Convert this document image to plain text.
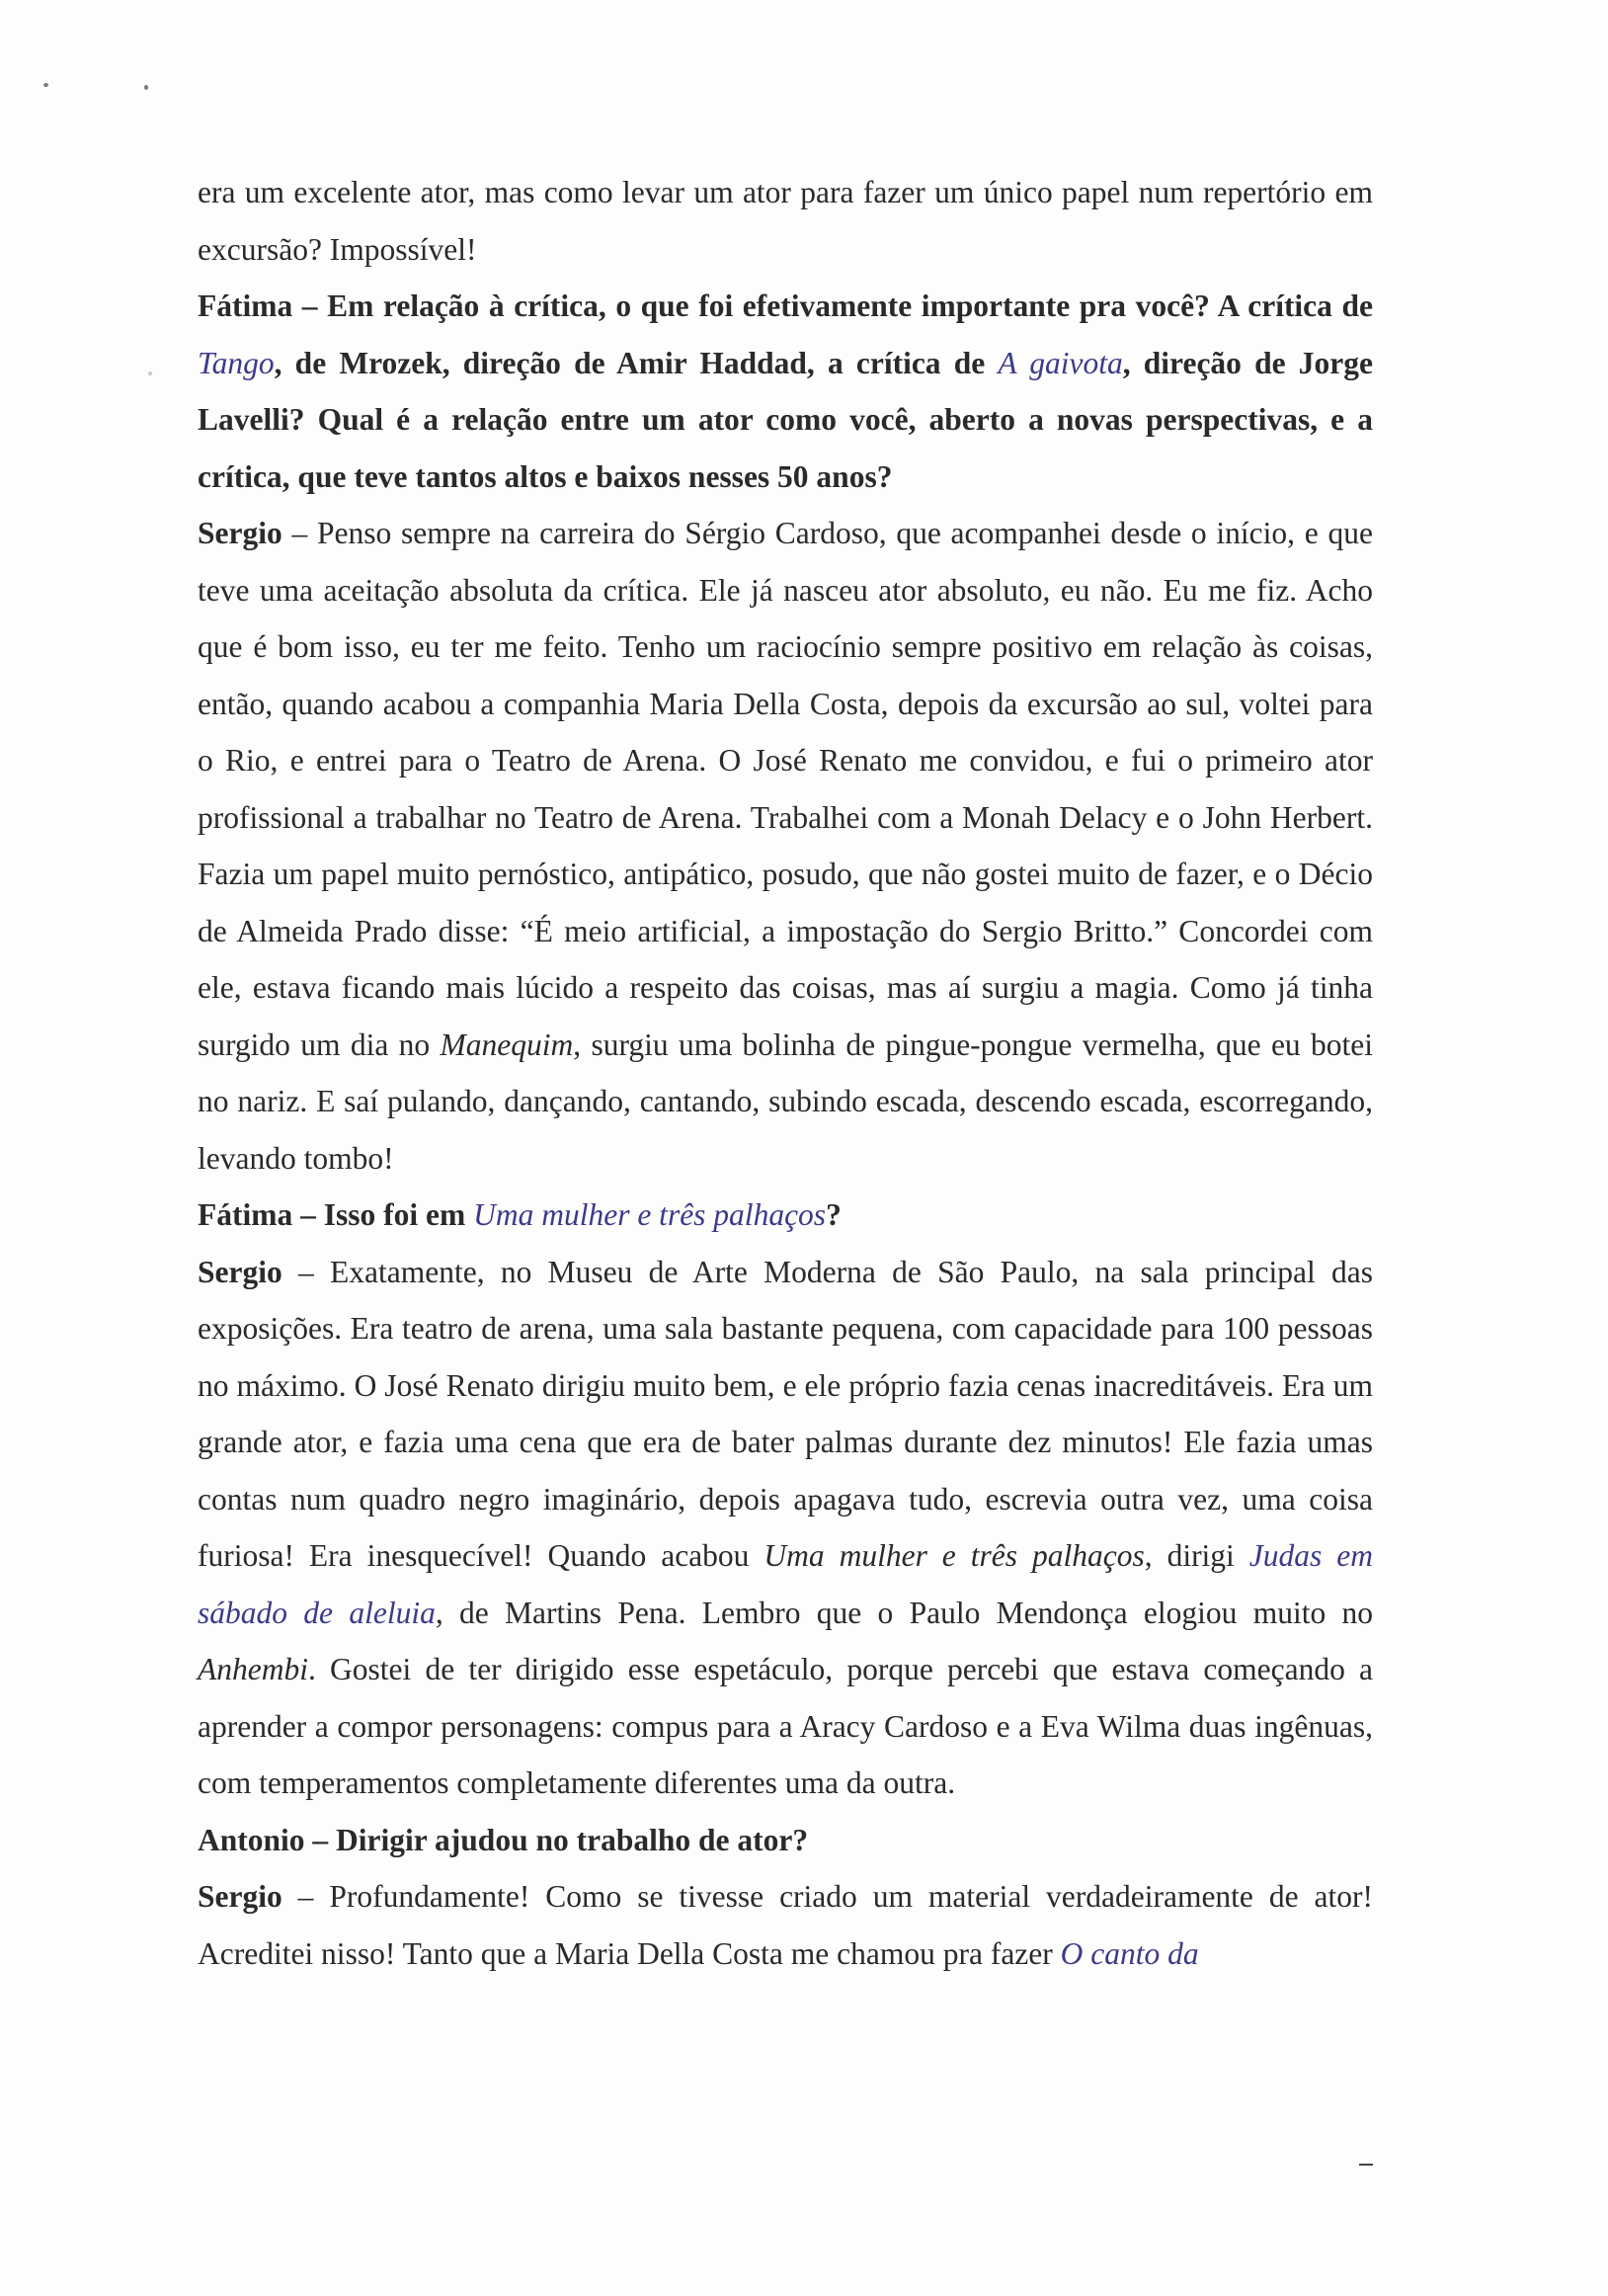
era um excelente ator, mas como levar um ator para fazer um único papel num repertório em excursão? Impossível!

Fátima – Em relação à crítica, o que foi efetivamente importante pra você? A crítica de Tango, de Mrozek, direção de Amir Haddad, a crítica de A gaivota, direção de Jorge Lavelli? Qual é a relação entre um ator como você, aberto a novas perspectivas, e a crítica, que teve tantos altos e baixos nesses 50 anos?

Sergio – Penso sempre na carreira do Sérgio Cardoso, que acompanhei desde o início, e que teve uma aceitação absoluta da crítica. Ele já nasceu ator absoluto, eu não. Eu me fiz. Acho que é bom isso, eu ter me feito. Tenho um raciocínio sempre positivo em relação às coisas, então, quando acabou a companhia Maria Della Costa, depois da excursão ao sul, voltei para o Rio, e entrei para o Teatro de Arena. O José Renato me convidou, e fui o primeiro ator profissional a trabalhar no Teatro de Arena. Trabalhei com a Monah Delacy e o John Herbert. Fazia um papel muito pernóstico, antipático, posudo, que não gostei muito de fazer, e o Décio de Almeida Prado disse: “É meio artificial, a impostação do Sergio Britto.” Concordei com ele, estava ficando mais lúcido a respeito das coisas, mas aí surgiu a magia. Como já tinha surgido um dia no Manequim, surgiu uma bolinha de pingue-pongue vermelha, que eu botei no nariz. E saí pulando, dançando, cantando, subindo escada, descendo escada, escorregando, levando tombo!

Fátima – Isso foi em Uma mulher e três palhaços?

Sergio – Exatamente, no Museu de Arte Moderna de São Paulo, na sala principal das exposições. Era teatro de arena, uma sala bastante pequena, com capacidade para 100 pessoas no máximo. O José Renato dirigiu muito bem, e ele próprio fazia cenas inacreditáveis. Era um grande ator, e fazia uma cena que era de bater palmas durante dez minutos! Ele fazia umas contas num quadro negro imaginário, depois apagava tudo, escrevia outra vez, uma coisa furiosa! Era inesquecível! Quando acabou Uma mulher e três palhaços, dirigi Judas em sábado de aleluia, de Martins Pena. Lembro que o Paulo Mendonça elogiou muito no Anhembi. Gostei de ter dirigido esse espetáculo, porque percebi que estava começando a aprender a compor personagens: compus para a Aracy Cardoso e a Eva Wilma duas ingênuas, com temperamentos completamente diferentes uma da outra.

Antonio – Dirigir ajudou no trabalho de ator?

Sergio – Profundamente! Como se tivesse criado um material verdadeiramente de ator! Acreditei nisso! Tanto que a Maria Della Costa me chamou pra fazer O canto da
